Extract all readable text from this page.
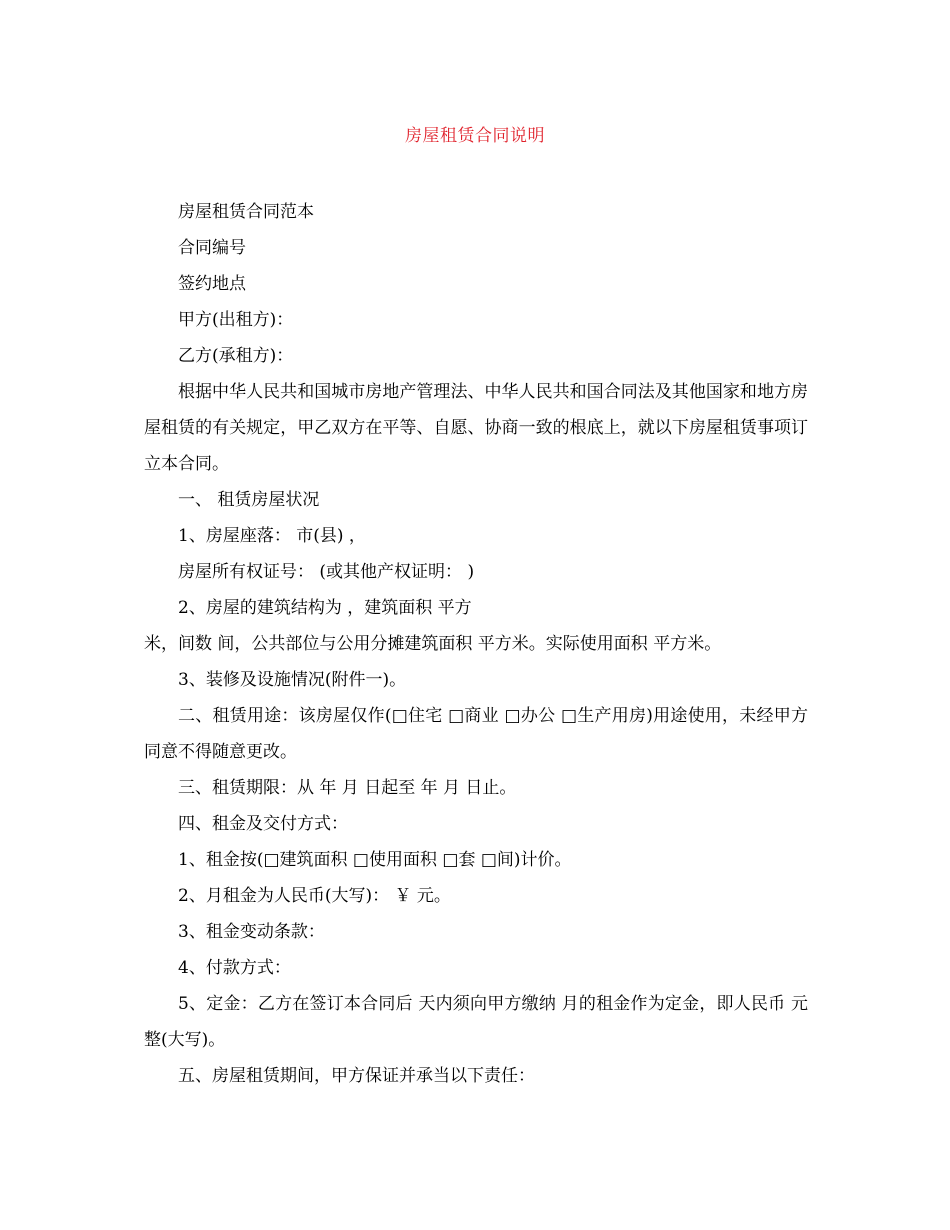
房屋租赁合同说明

房屋租赁合同范本

合同编号

签约地点

甲方(出租方)：

乙方(承租方)：

根据中华人民共和国城市房地产管理法、中华人民共和国合同法及其他国家和地方房屋租赁的有关规定，甲乙双方在平等、自愿、协商一致的根底上，就以下房屋租赁事项订立本合同。

一、 租赁房屋状况

1、房屋座落： 市(县) ，

房屋所有权证号： (或其他产权证明： )

2、房屋的建筑结构为 ，建筑面积 平方

米，间数 间，公共部位与公用分摊建筑面积 平方米。实际使用面积 平方米。

3、装修及设施情况(附件一)。

二、租赁用途：该房屋仅作(□住宅 □商业 □办公 □生产用房)用途使用，未经甲方同意不得随意更改。

三、租赁期限：从 年 月 日起至 年 月 日止。

四、租金及交付方式：

1、租金按(□建筑面积 □使用面积 □套 □间)计价。

2、月租金为人民币(大写)： ￥ 元。

3、租金变动条款：

4、付款方式：

5、定金：乙方在签订本合同后 天内须向甲方缴纳 月的租金作为定金，即人民币 元整(大写)。

五、房屋租赁期间，甲方保证并承当以下责任：
